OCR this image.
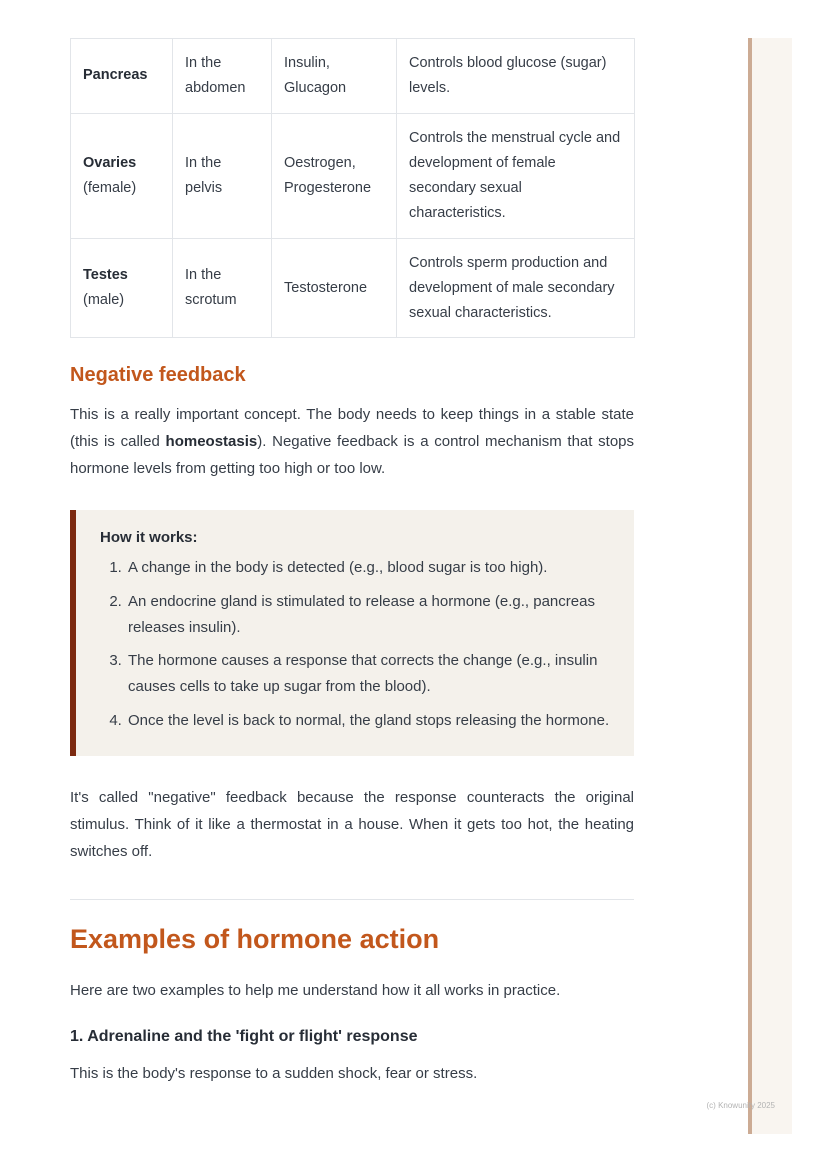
Pancreas	In the abdomen	Insulin, Glucagon	Controls blood glucose (sugar) levels.
Ovaries (female)	In the pelvis	Oestrogen, Progesterone	Controls the menstrual cycle and development of female secondary sexual characteristics.
Testes (male)	In the scrotum	Testosterone	Controls sperm production and development of male secondary sexual characteristics.
Negative feedback

This is a really important concept. The body needs to keep things in a stable state (this is called homeostasis). Negative feedback is a control mechanism that stops hormone levels from getting too high or too low.

How it works:
1. A change in the body is detected (e.g., blood sugar is too high).
2. An endocrine gland is stimulated to release a hormone (e.g., pancreas releases insulin).
3. The hormone causes a response that corrects the change (e.g., insulin causes cells to take up sugar from the blood).
4. Once the level is back to normal, the gland stops releasing the hormone.

It's called "negative" feedback because the response counteracts the original stimulus. Think of it like a thermostat in a house. When it gets too hot, the heating switches off.

Examples of hormone action

Here are two examples to help me understand how it all works in practice.

1. Adrenaline and the 'fight or flight' response

This is the body's response to a sudden shock, fear or stress.

(c) Knowunity 2025
